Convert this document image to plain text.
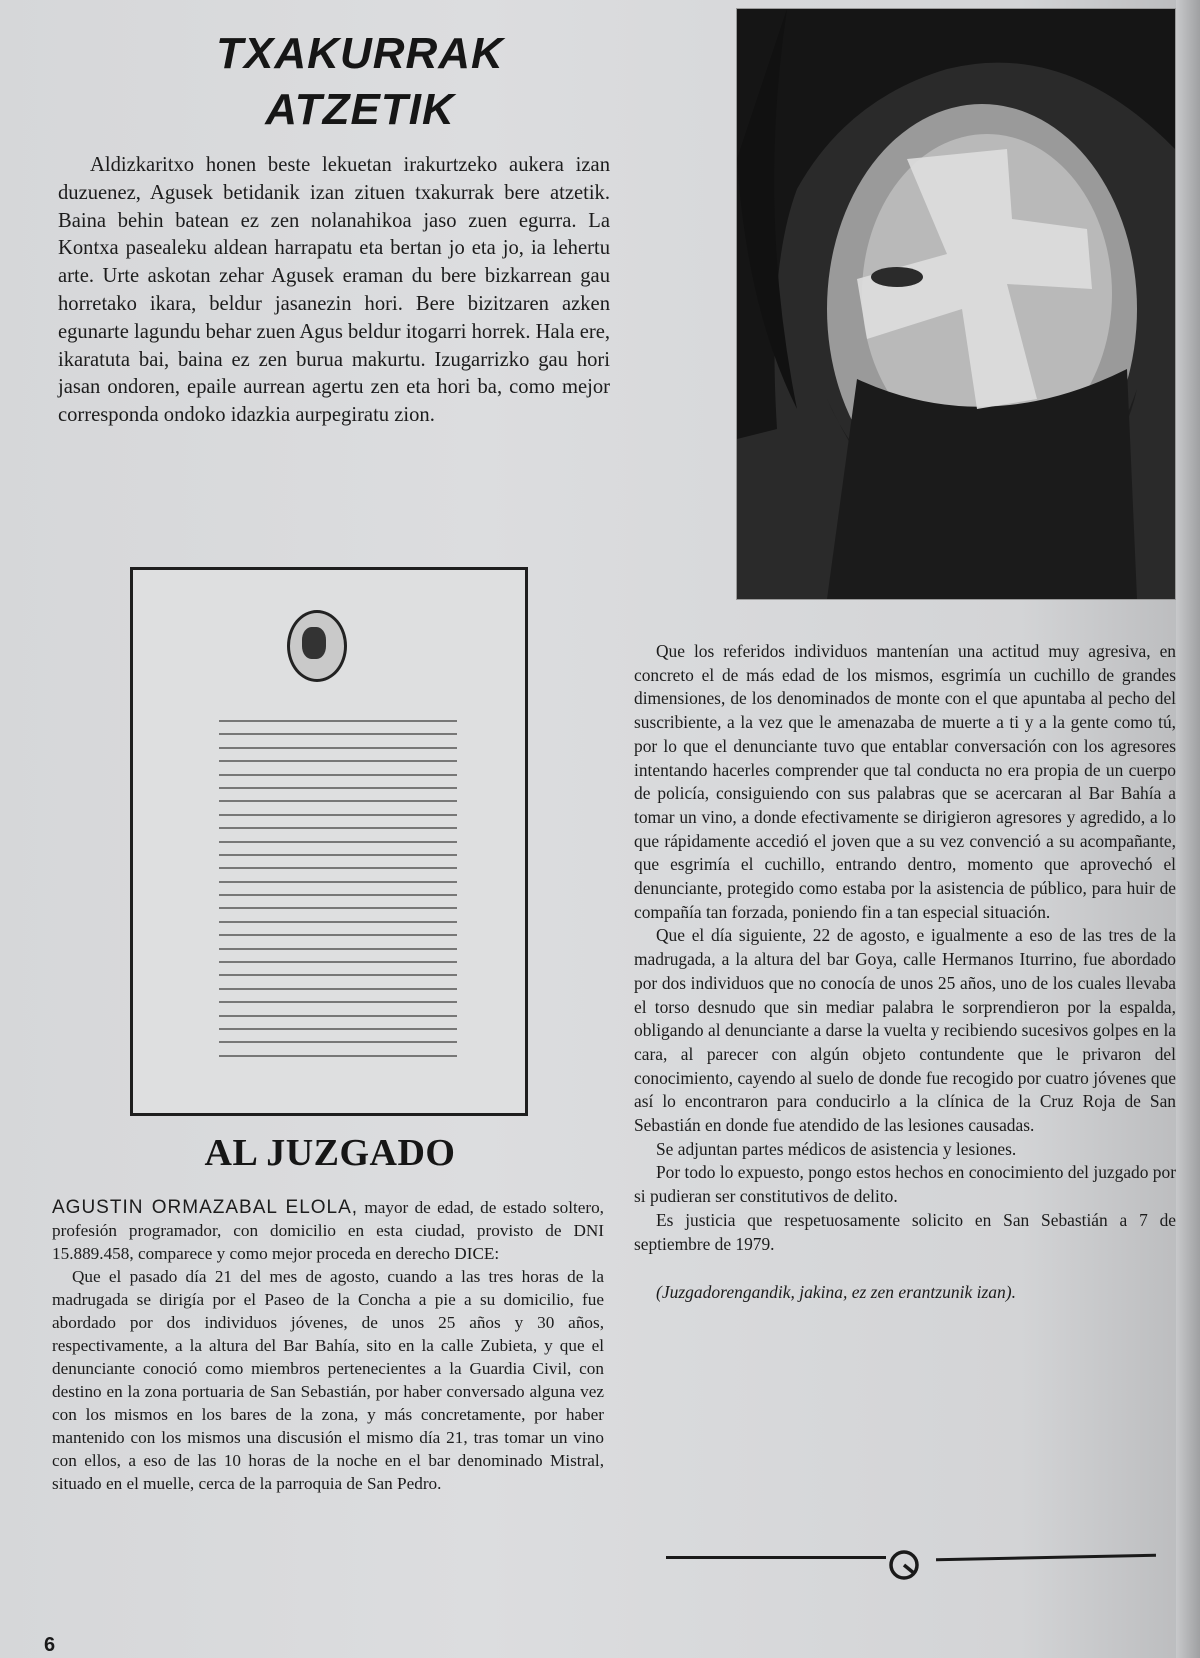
TXAKURRAK
ATZETIK

Aldizkaritxo honen beste lekuetan irakurtzeko aukera izan duzuenez, Agusek betidanik izan zituen txakurrak bere atzetik. Baina behin batean ez zen nolanahikoa jaso zuen egurra. La Kontxa pasealeku aldean harrapatu eta bertan jo eta jo, ia lehertu arte. Urte askotan zehar Agusek eraman du bere bizkarrean gau horretako ikara, beldur jasanezin hori. Bere bizitzaren azken egunarte lagundu behar zuen Agus beldur itogarri horrek. Hala ere, ikaratuta bai, baina ez zen burua makurtu. Izugarrizko gau hori jasan ondoren, epaile aurrean agertu zen eta hori ba, como mejor corresponda ondoko idazkia aurpegiratu zion.

AL JUZGADO

AGUSTIN ORMAZABAL ELOLA, mayor de edad, de estado soltero, profesión programador, con domicilio en esta ciudad, provisto de DNI 15.889.458, comparece y como mejor proceda en derecho DICE:

Que el pasado día 21 del mes de agosto, cuando a las tres horas de la madrugada se dirigía por el Paseo de la Concha a pie a su domicilio, fue abordado por dos individuos jóvenes, de unos 25 años y 30 años, respectivamente, a la altura del Bar Bahía, sito en la calle Zubieta, y que el denunciante conoció como miembros pertenecientes a la Guardia Civil, con destino en la zona portuaria de San Sebastián, por haber conversado alguna vez con los mismos en los bares de la zona, y más concretamente, por haber mantenido con los mismos una discusión el mismo día 21, tras tomar un vino con ellos, a eso de las 10 horas de la noche en el bar denominado Mistral, situado en el muelle, cerca de la parroquia de San Pedro.

Que los referidos individuos mantenían una actitud muy agresiva, en concreto el de más edad de los mismos, esgrimía un cuchillo de grandes dimensiones, de los denominados de monte con el que apuntaba al pecho del suscribiente, a la vez que le amenazaba de muerte a ti y a la gente como tú, por lo que el denunciante tuvo que entablar conversación con los agresores intentando hacerles comprender que tal conducta no era propia de un cuerpo de policía, consiguiendo con sus palabras que se acercaran al Bar Bahía a tomar un vino, a donde efectivamente se dirigieron agresores y agredido, a lo que rápidamente accedió el joven que a su vez convenció a su acompañante, que esgrimía el cuchillo, entrando dentro, momento que aprovechó el denunciante, protegido como estaba por la asistencia de público, para huir de compañía tan forzada, poniendo fin a tan especial situación.

Que el día siguiente, 22 de agosto, e igualmente a eso de las tres de la madrugada, a la altura del bar Goya, calle Hermanos Iturrino, fue abordado por dos individuos que no conocía de unos 25 años, uno de los cuales llevaba el torso desnudo que sin mediar palabra le sorprendieron por la espalda, obligando al denunciante a darse la vuelta y recibiendo sucesivos golpes en la cara, al parecer con algún objeto contundente que le privaron del conocimiento, cayendo al suelo de donde fue recogido por cuatro jóvenes que así lo encontraron para conducirlo a la clínica de la Cruz Roja de San Sebastián en donde fue atendido de las lesiones causadas.

Se adjuntan partes médicos de asistencia y lesiones.

Por todo lo expuesto, pongo estos hechos en conocimiento del juzgado por si pudieran ser constitutivos de delito.

Es justicia que respetuosamente solicito en San Sebastián a 7 de septiembre de 1979.

(Juzgadorengandik, jakina, ez zen erantzunik izan).

6
